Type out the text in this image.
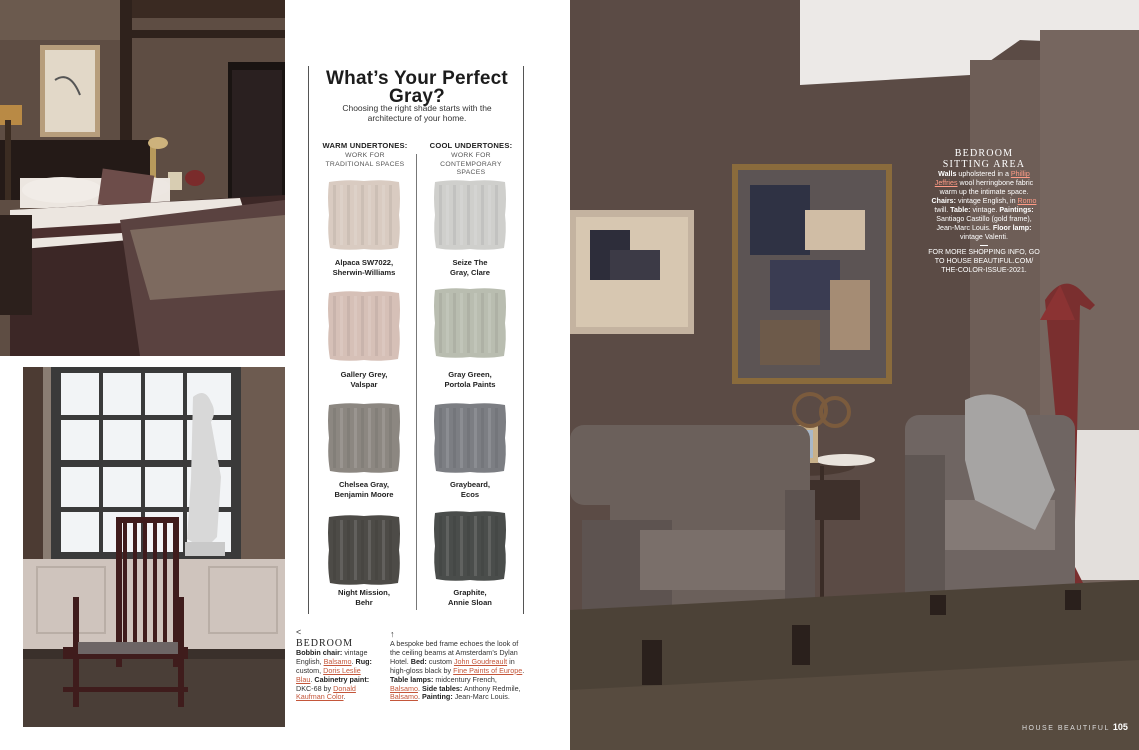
What’s Your Perfect Gray?
Choosing the right shade starts with the architecture of your home.
WARM UNDERTONES:
WORK FOR TRADITIONAL SPACES
COOL UNDERTONES:
WORK FOR CONTEMPORARY SPACES
Alpaca SW7022,
Sherwin-Williams
Gallery Grey,
Valspar
Chelsea Gray,
Benjamin Moore
Night Mission,
Behr
Seize The
Gray, Clare
Gray Green,
Portola Paints
Graybeard,
Ecos
Graphite,
Annie Sloan
<
BEDROOM
Bobbin chair: vintage English, Balsamo. Rug: custom, Doris Leslie Blau. Cabinetry paint: DKC-68 by Donald Kaufman Color.
↑
A bespoke bed frame echoes the look of the ceiling beams at Amsterdam’s Dylan Hotel. Bed: custom John Goudreault in high-gloss black by Fine Paints of Europe. Table lamps: midcentury French, Balsamo. Side tables: Anthony Redmile, Balsamo. Painting: Jean-Marc Louis.
BEDROOM
SITTING AREA
Walls upholstered in a Phillip Jeffries wool herringbone fabric warm up the intimate space. Chairs: vintage English, in Romo twill. Table: vintage. Paintings: Santiago Castillo (gold frame), Jean-Marc Louis. Floor lamp: vintage Valenti.
FOR MORE SHOPPING INFO, GO TO HOUSE BEAUTIFUL.COM/ THE-COLOR-ISSUE-2021.
HOUSE BEAUTIFUL 105
